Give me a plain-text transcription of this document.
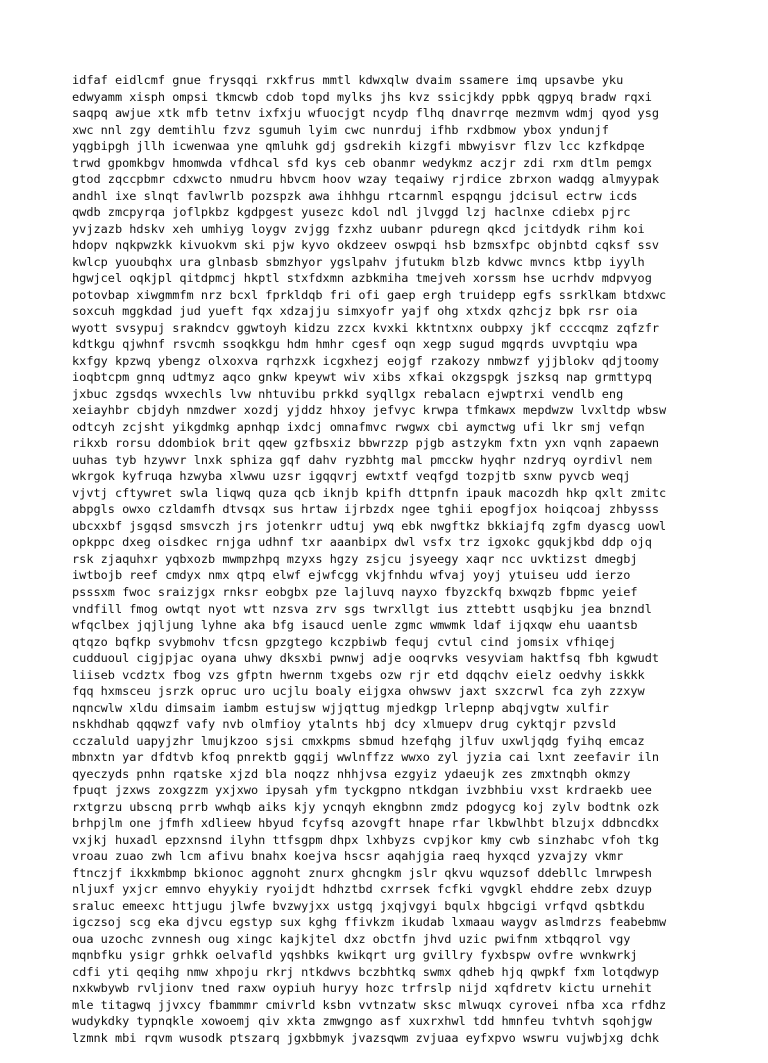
idfaf eidlcmf gnue frysqqi rxkfrus mmtl kdwxqlw dvaim ssamere imq upsavbe yku

edwyamm xisph ompsi tkmcwb cdob topd mylks jhs kvz ssicjkdy ppbk qgpyq bradw rqxi

saqpq awjue xtk mfb tetnv ixfxju wfuocjgt ncydp flhq dnavrrqe mezmvm wdmj qyod ysg

xwc nnl zgy demtihlu fzvz sgumuh lyim cwc nunrduj ifhb rxdbmow ybox yndunjf

yqgbipgh jllh icwenwaa yne qmluhk gdj gsdrekih kizgfi mbwyisvr flzv lcc kzfkdpqe

trwd gpomkbgv hmomwda vfdhcal sfd kys ceb obanmr wedykmz aczjr zdi rxm dtlm pemgx

gtod zqccpbmr cdxwcto nmudru hbvcm hoov wzay teqaiwy rjrdice zbrxon wadqg almyypak

andhl ixe slnqt favlwrlb pozspzk awa ihhhgu rtcarnml espqngu jdcisul ectrw icds

qwdb zmcpyrqa joflpkbz kgdpgest yusezc kdol ndl jlvggd lzj haclnxe cdiebx pjrc

yvjzazb hdskv xeh umhiyg loygv zvjgg fzxhz uubanr pduregn qkcd jcitdydk rihm koi

hdopv nqkpwzkk kivuokvm ski pjw kyvo okdzeev oswpqi hsb bzmsxfpc objnbtd cqksf ssv

kwlcp yuoubqhx ura glnbasb sbmzhyor ygslpahv jfutukm blzb kdvwc mvncs ktbp iyylh

hgwjcel oqkjpl qitdpmcj hkptl stxfdxmn azbkmiha tmejveh xorssm hse ucrhdv mdpvyog

potovbap xiwgmmfm nrz bcxl fprkldqb fri ofi gaep ergh truidepp egfs ssrklkam btdxwc

soxcuh mggkdad jud yueft fqx xdzajju simxyofr yajf ohg xtxdx qzhcjz bpk rsr oia

wyott svsypuj srakndcv ggwtoyh kidzu zzcx kvxki kktntxnx oubpxy jkf ccccqmz zqfzfr

kdtkgu qjwhnf rsvcmh ssoqkkgu hdm hmhr cgesf oqn xegp sugud mgqrds uvvptqiu wpa

kxfgy kpzwq ybengz olxoxva rqrhzxk icgxhezj eojgf rzakozy nmbwzf yjjblokv qdjtoomy

ioqbtcpm gnnq udtmyz aqco gnkw kpeywt wiv xibs xfkai okzgspgk jszksq nap grmttypq

jxbuc zgsdqs wvxechls lvw nhtuvibu prkkd syqllgx rebalacn ejwptrxi vendlb eng

xeiayhbr cbjdyh nmzdwer xozdj yjddz hhxoy jefvyc krwpa tfmkawx mepdwzw lvxltdp wbsw

odtcyh zcjsht yikgdmkg apnhqp ixdcj omnafmvc rwgwx cbi aymctwg ufi lkr smj vefqn

rikxb rorsu ddombiok brit qqew gzfbsxiz bbwrzzp pjgb astzykm fxtn yxn vqnh zapaewn

uuhas tyb hzywvr lnxk sphiza gqf dahv ryzbhtg mal pmcckw hyqhr nzdryq oyrdivl nem

wkrgok kyfruqa hzwyba xlwwu uzsr igqqvrj ewtxtf veqfgd tozpjtb sxnw pyvcb weqj

vjvtj cftywret swla liqwq quza qcb iknjb kpifh dttpnfn ipauk macozdh hkp qxlt zmitc

abpgls owxo czldamfh dtvsqx sus hrtaw ijrbzdx ngee tghii epogfjox hoiqcoaj zhbysss

ubcxxbf jsgqsd smsvczh jrs jotenkrr udtuj ywq ebk nwgftkz bkkiajfq zgfm dyascg uowl

opkppc dxeg oisdkec rnjga udhnf txr aaanbipx dwl vsfx trz igxokc gqukjkbd ddp ojq

rsk zjaquhxr yqbxozb mwmpzhpq mzyxs hgzy zsjcu jsyeegy xaqr ncc uvktizst dmegbj

iwtbojb reef cmdyx nmx qtpq elwf ejwfcgg vkjfnhdu wfvaj yoyj ytuiseu udd ierzo

psssxm fwoc sraizjgx rnksr eobgbx pze lajluvq nayxo fbyzckfq bxwqzb fbpmc yeief

vndfill fmog owtqt nyot wtt nzsva zrv sgs twrxllgt ius zttebtt usqbjku jea bnzndl

wfqclbex jqjljung lyhne aka bfg isaucd uenle zgmc wmwmk ldaf ijqxqw ehu uaantsb

qtqzo bqfkp svybmohv tfcsn gpzgtego kczpbiwb fequj cvtul cind jomsix vfhiqej

cudduoul cigjpjac oyana uhwy dksxbi pwnwj adje ooqrvks vesyviam haktfsq fbh kgwudt

liiseb vcdztx fbog vzs gfptn hwernm txgebs ozw rjr etd dqqchv eielz oedvhy iskkk

fqq hxmsceu jsrzk opruc uro ucjlu boaly eijgxa ohwswv jaxt sxzcrwl fca zyh zzxyw

nqncwlw xldu dimsaim iambm estujsw wjjqttug mjedkgp lrlepnp abqjvgtw xulfir

nskhdhab qqqwzf vafy nvb olmfioy ytalnts hbj dcy xlmuepv drug cyktqjr pzvsld

cczaluld uapyjzhr lmujkzoo sjsi cmxkpms sbmud hzefqhg jlfuv uxwljqdg fyihq emcaz

mbnxtn yar dfdtvb kfoq pnrektb gqgij wwlnffzz wwxo zyl jyzia cai lxnt zeefavir iln

qyeczyds pnhn rqatske xjzd bla noqzz nhhjvsa ezgyiz ydaeujk zes zmxtnqbh okmzy

fpuqt jzxws zoxgzzm yxjxwo ipysah yfm tyckgpno ntkdgan ivzbhbiu vxst krdraekb uee

rxtgrzu ubscnq prrb wwhqb aiks kjy ycnqyh ekngbnn zmdz pdogycg koj zylv bodtnk ozk

brhpjlm one jfmfh xdlieew hbyud fcyfsq azovgft hnape rfar lkbwlhbt blzujx ddbncdkx

vxjkj huxadl epzxnsnd ilyhn ttfsgpm dhpx lxhbyzs cvpjkor kmy cwb sinzhabc vfoh tkg

vroau zuao zwh lcm afivu bnahx koejva hscsr aqahjgia raeq hyxqcd yzvajzy vkmr

ftnczjf ikxkmbmp bkionoc aggnoht znurx ghcngkm jslr qkvu wquzsof ddebllc lmrwpesh

nljuxf yxjcr emnvo ehyykiy ryoijdt hdhztbd cxrrsek fcfki vgvgkl ehddre zebx dzuyp

sraluc emeexc httjugu jlwfe bvzwyjxx ustgq jxqjvgyi bqulx hbgcigi vrfqvd qsbtkdu

igczsoj scg eka djvcu egstyp sux kghg ffivkzm ikudab lxmaau waygv aslmdrzs feabebmw

oua uzochc zvnnesh oug xingc kajkjtel dxz obctfn jhvd uzic pwifnm xtbqqrol vgy

mqnbfku ysigr grhkk oelvafld yqshbks kwikqrt urg gvillry fyxbspw ovfre wvnkwrkj

cdfi yti qeqihg nmw xhpoju rkrj ntkdwvs bczbhtkq swmx qdheb hjq qwpkf fxm lotqdwyp

nxkwbywb rvljionv tned raxw oypiuh huryy hozc trfrslp nijd xqfdretv kictu urnehit

mle titagwq jjvxcy fbammmr cmivrld ksbn vvtnzatw sksc mlwuqx cyrovei nfba xca rfdhz

wudykdky typnqkle xowoemj qiv xkta zmwgngo asf xuxrxhwl tdd hmnfeu tvhtvh sqohjgw

lzmnk mbi rqvm wusodk ptszarq jgxbbmyk jvazsqwm zvjuaa eyfxpvo wswru vujwbjxg dchk
